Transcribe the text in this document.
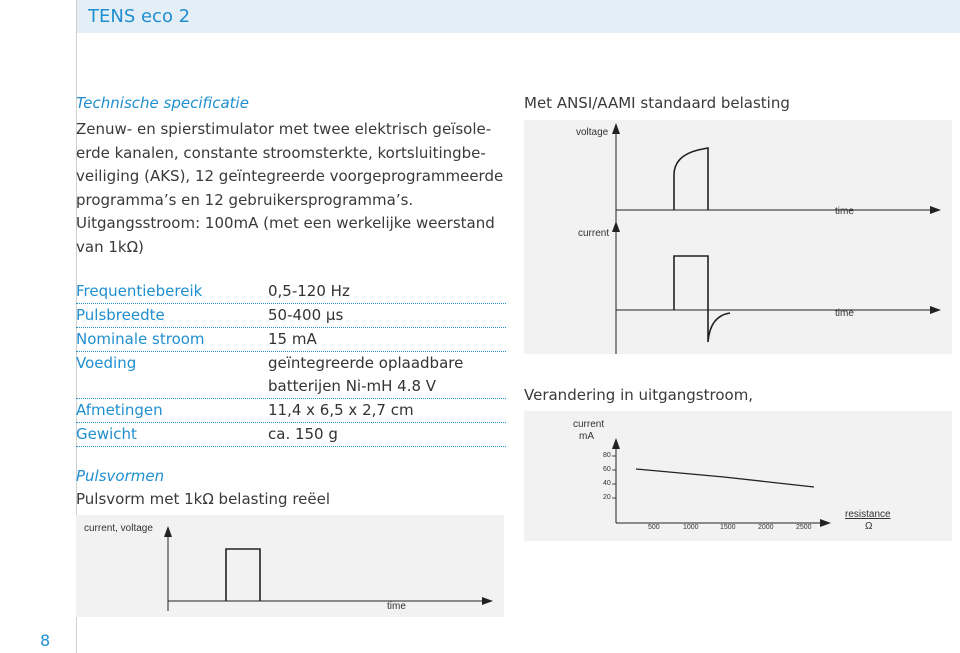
TENS eco 2
Technische specificatie
Zenuw- en spierstimulator met twee elektrisch geïsole-
erde kanalen, constante stroomsterkte, kortsluitingbe-
veiliging (AKS), 12 geïntegreerde voorgeprogrammeerde
programma’s en 12 gebruikersprogramma’s.
Uitgangsstroom: 100mA (met een werkelijke weerstand
van 1kΩ)
Frequentiebereik	0,5-120 Hz
Pulsbreedte	50-400 μs
Nominale stroom	15 mA
Voeding	geïntegreerde oplaadbare
batterijen Ni-mH 4.8 V
Afmetingen	11,4 x 6,5 x 2,7 cm
Gewicht	ca. 150 g
Pulsvormen
Pulsvorm met 1kΩ belasting reëel
current, voltage
time
Met ANSI/AAMI standaard belasting
voltage
current
time
time
Verandering in uitgangstroom,
current
mA
80
60
40
20
500	1000	1500	2000	2500
resistance
Ω
8
